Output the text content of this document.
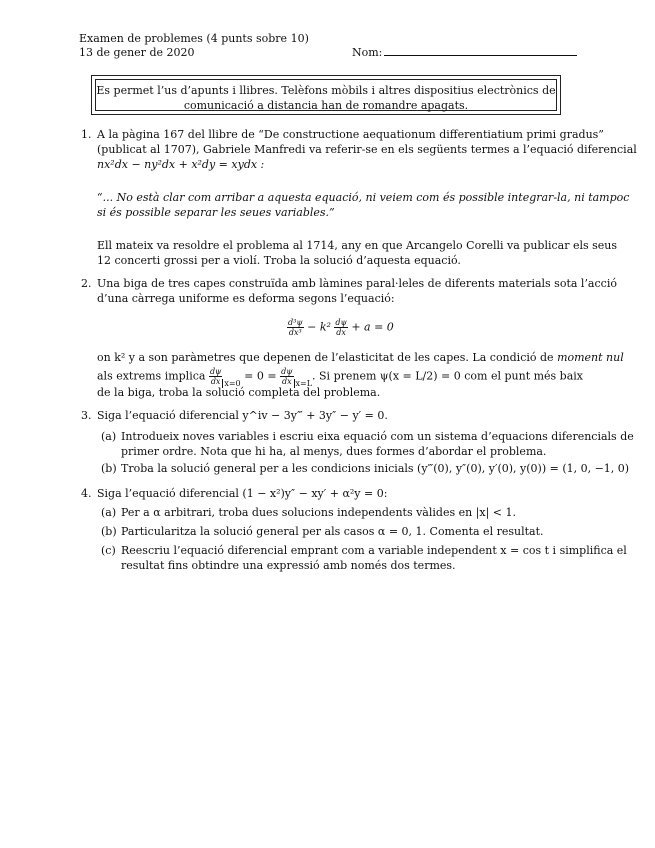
Examen de problemes (4 punts sobre 10)
13 de gener de 2020	Nom:
Es permet l’us d’apunts i llibres. Telèfons mòbils i altres dispositius electrònics de
comunicació a distancia han de romandre apagats.
1. A la pàgina 167 del llibre de “De constructione aequationum differentiatium primi gradus”
(publicat al 1707), Gabriele Manfredi va referir-se en els següents termes a l’equació diferencial
nx²dx − ny²dx + x²dy = xydx :
“... No està clar com arribar a aquesta equació, ni veiem com és possible integrar-la, ni tampoc
si és possible separar les seues variables.”
Ell mateix va resoldre el problema al 1714, any en que Arcangelo Corelli va publicar els seus
12 concerti grossi per a violí. Troba la solució d’aquesta equació.
2. Una biga de tres capes construïda amb làmines paral·leles de diferents materials sota l’acció
d’una càrrega uniforme es deforma segons l’equació:
$\frac{\text{d³ψ}}{\text{dx³}} - k^2 \frac{d\psi}{dx} + a = 0$
on k² y a son paràmetres que depenen de l’elasticitat de les capes. La condició de moment nul
als extrems implica $\frac{d\psi}{dx} _{x=0} = 0 = \frac{d\psi}{dx} _{x=L}$. Si prenem ψ(x = L/2) = 0 com el punt més baix
de la biga, troba la solució completa del problema.
3. Siga l’equació diferencial y^iv − 3y‴ + 3y″ − y′ = 0.
(a) Introdueix noves variables i escriu eixa equació com un sistema d’equacions diferencials de
primer ordre. Nota que hi ha, al menys, dues formes d’abordar el problema.
(b) Troba la solució general per a les condicions inicials (y‴(0), y″(0), y′(0), y(0)) = (1, 0, −1, 0)
4. Siga l’equació diferencial (1 − x²)y″ − xy′ + α²y = 0:
(a) Per a α arbitrari, troba dues solucions independents vàlides en |x| < 1.
(b) Particularitza la solució general per als casos α = 0, 1. Comenta el resultat.
(c) Reescriu l’equació diferencial emprant com a variable independent x = cos t i simplifica el
resultat fins obtindre una expressió amb només dos termes.
